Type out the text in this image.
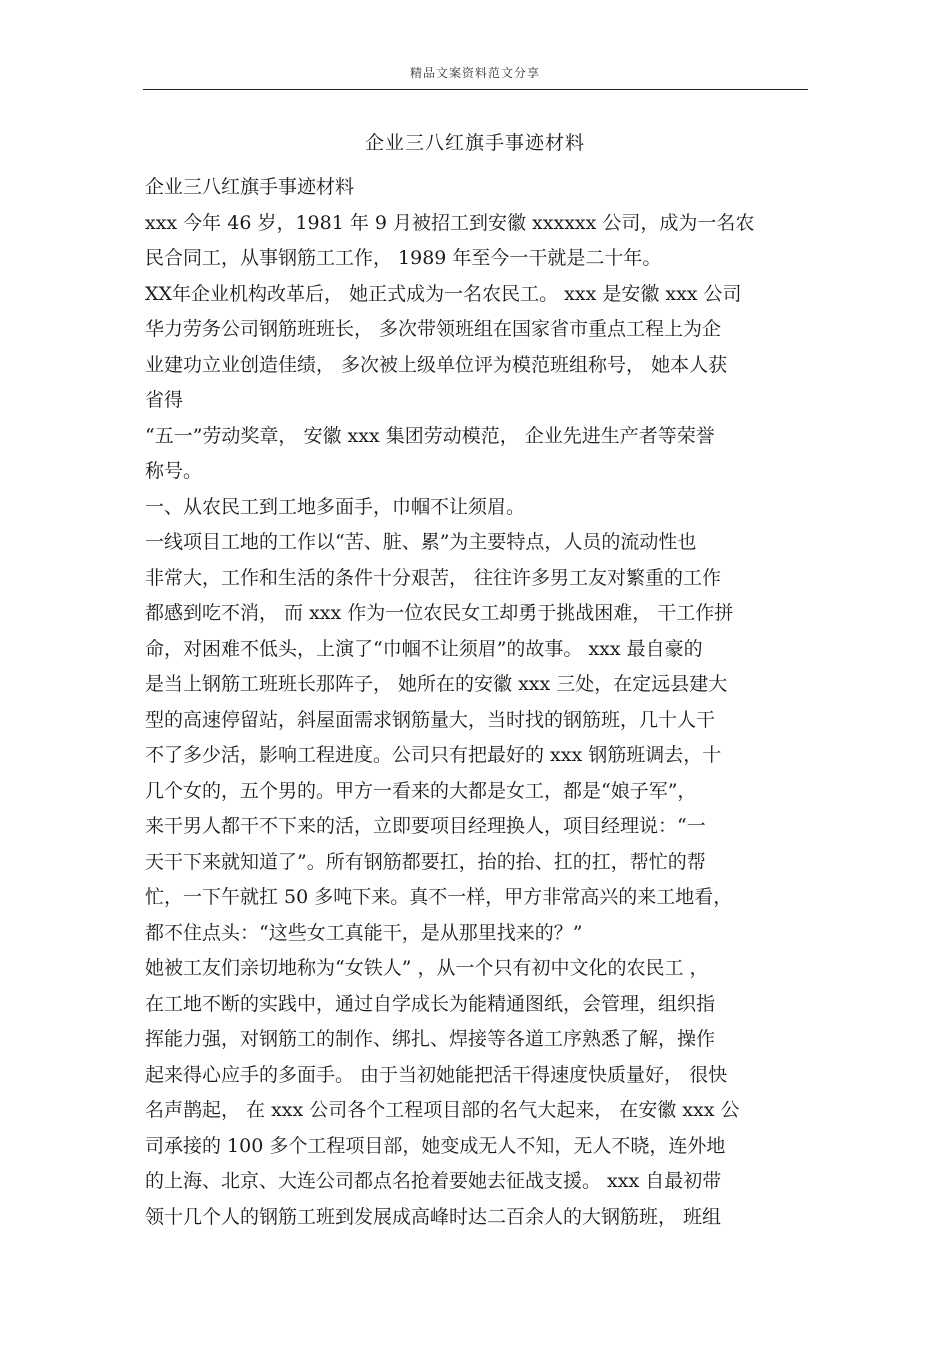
精品文案资料范文分享
企业三八红旗手事迹材料
企业三八红旗手事迹材料
xxx 今年 46 岁，1981 年 9 月被招工到安徽 xxxxxx 公司，成为一名农
民合同工，从事钢筋工工作， 1989 年至今一干就是二十年。
XX年企业机构改革后， 她正式成为一名农民工。 xxx 是安徽 xxx 公司
华力劳务公司钢筋班班长， 多次带领班组在国家省市重点工程上为企
业建功立业创造佳绩， 多次被上级单位评为模范班组称号， 她本人获
省得
“五一”劳动奖章， 安徽 xxx 集团劳动模范， 企业先进生产者等荣誉
称号。
一、从农民工到工地多面手，巾帼不让须眉。
一线项目工地的工作以“苦、脏、累”为主要特点，人员的流动性也
非常大，工作和生活的条件十分艰苦， 往往许多男工友对繁重的工作
都感到吃不消， 而 xxx 作为一位农民女工却勇于挑战困难， 干工作拼
命，对困难不低头，上演了“巾帼不让须眉”的故事。 xxx 最自豪的
是当上钢筋工班班长那阵子， 她所在的安徽 xxx 三处，在定远县建大
型的高速停留站，斜屋面需求钢筋量大，当时找的钢筋班，几十人干
不了多少活，影响工程进度。公司只有把最好的 xxx 钢筋班调去，十
几个女的，五个男的。甲方一看来的大都是女工，都是“娘子军”，
来干男人都干不下来的活，立即要项目经理换人，项目经理说：“一
天干下来就知道了”。所有钢筋都要扛，抬的抬、扛的扛，帮忙的帮
忙，一下午就扛 50 多吨下来。真不一样，甲方非常高兴的来工地看，
都不住点头：“这些女工真能干，是从那里找来的？”
她被工友们亲切地称为“女铁人” ，从一个只有初中文化的农民工 ，
在工地不断的实践中，通过自学成长为能精通图纸，会管理，组织指
挥能力强，对钢筋工的制作、绑扎、焊接等各道工序熟悉了解，操作
起来得心应手的多面手。 由于当初她能把活干得速度快质量好， 很快
名声鹊起， 在 xxx 公司各个工程项目部的名气大起来， 在安徽 xxx 公
司承接的 100 多个工程项目部，她变成无人不知，无人不晓，连外地
的上海、北京、大连公司都点名抢着要她去征战支援。 xxx 自最初带
领十几个人的钢筋工班到发展成高峰时达二百余人的大钢筋班， 班组
